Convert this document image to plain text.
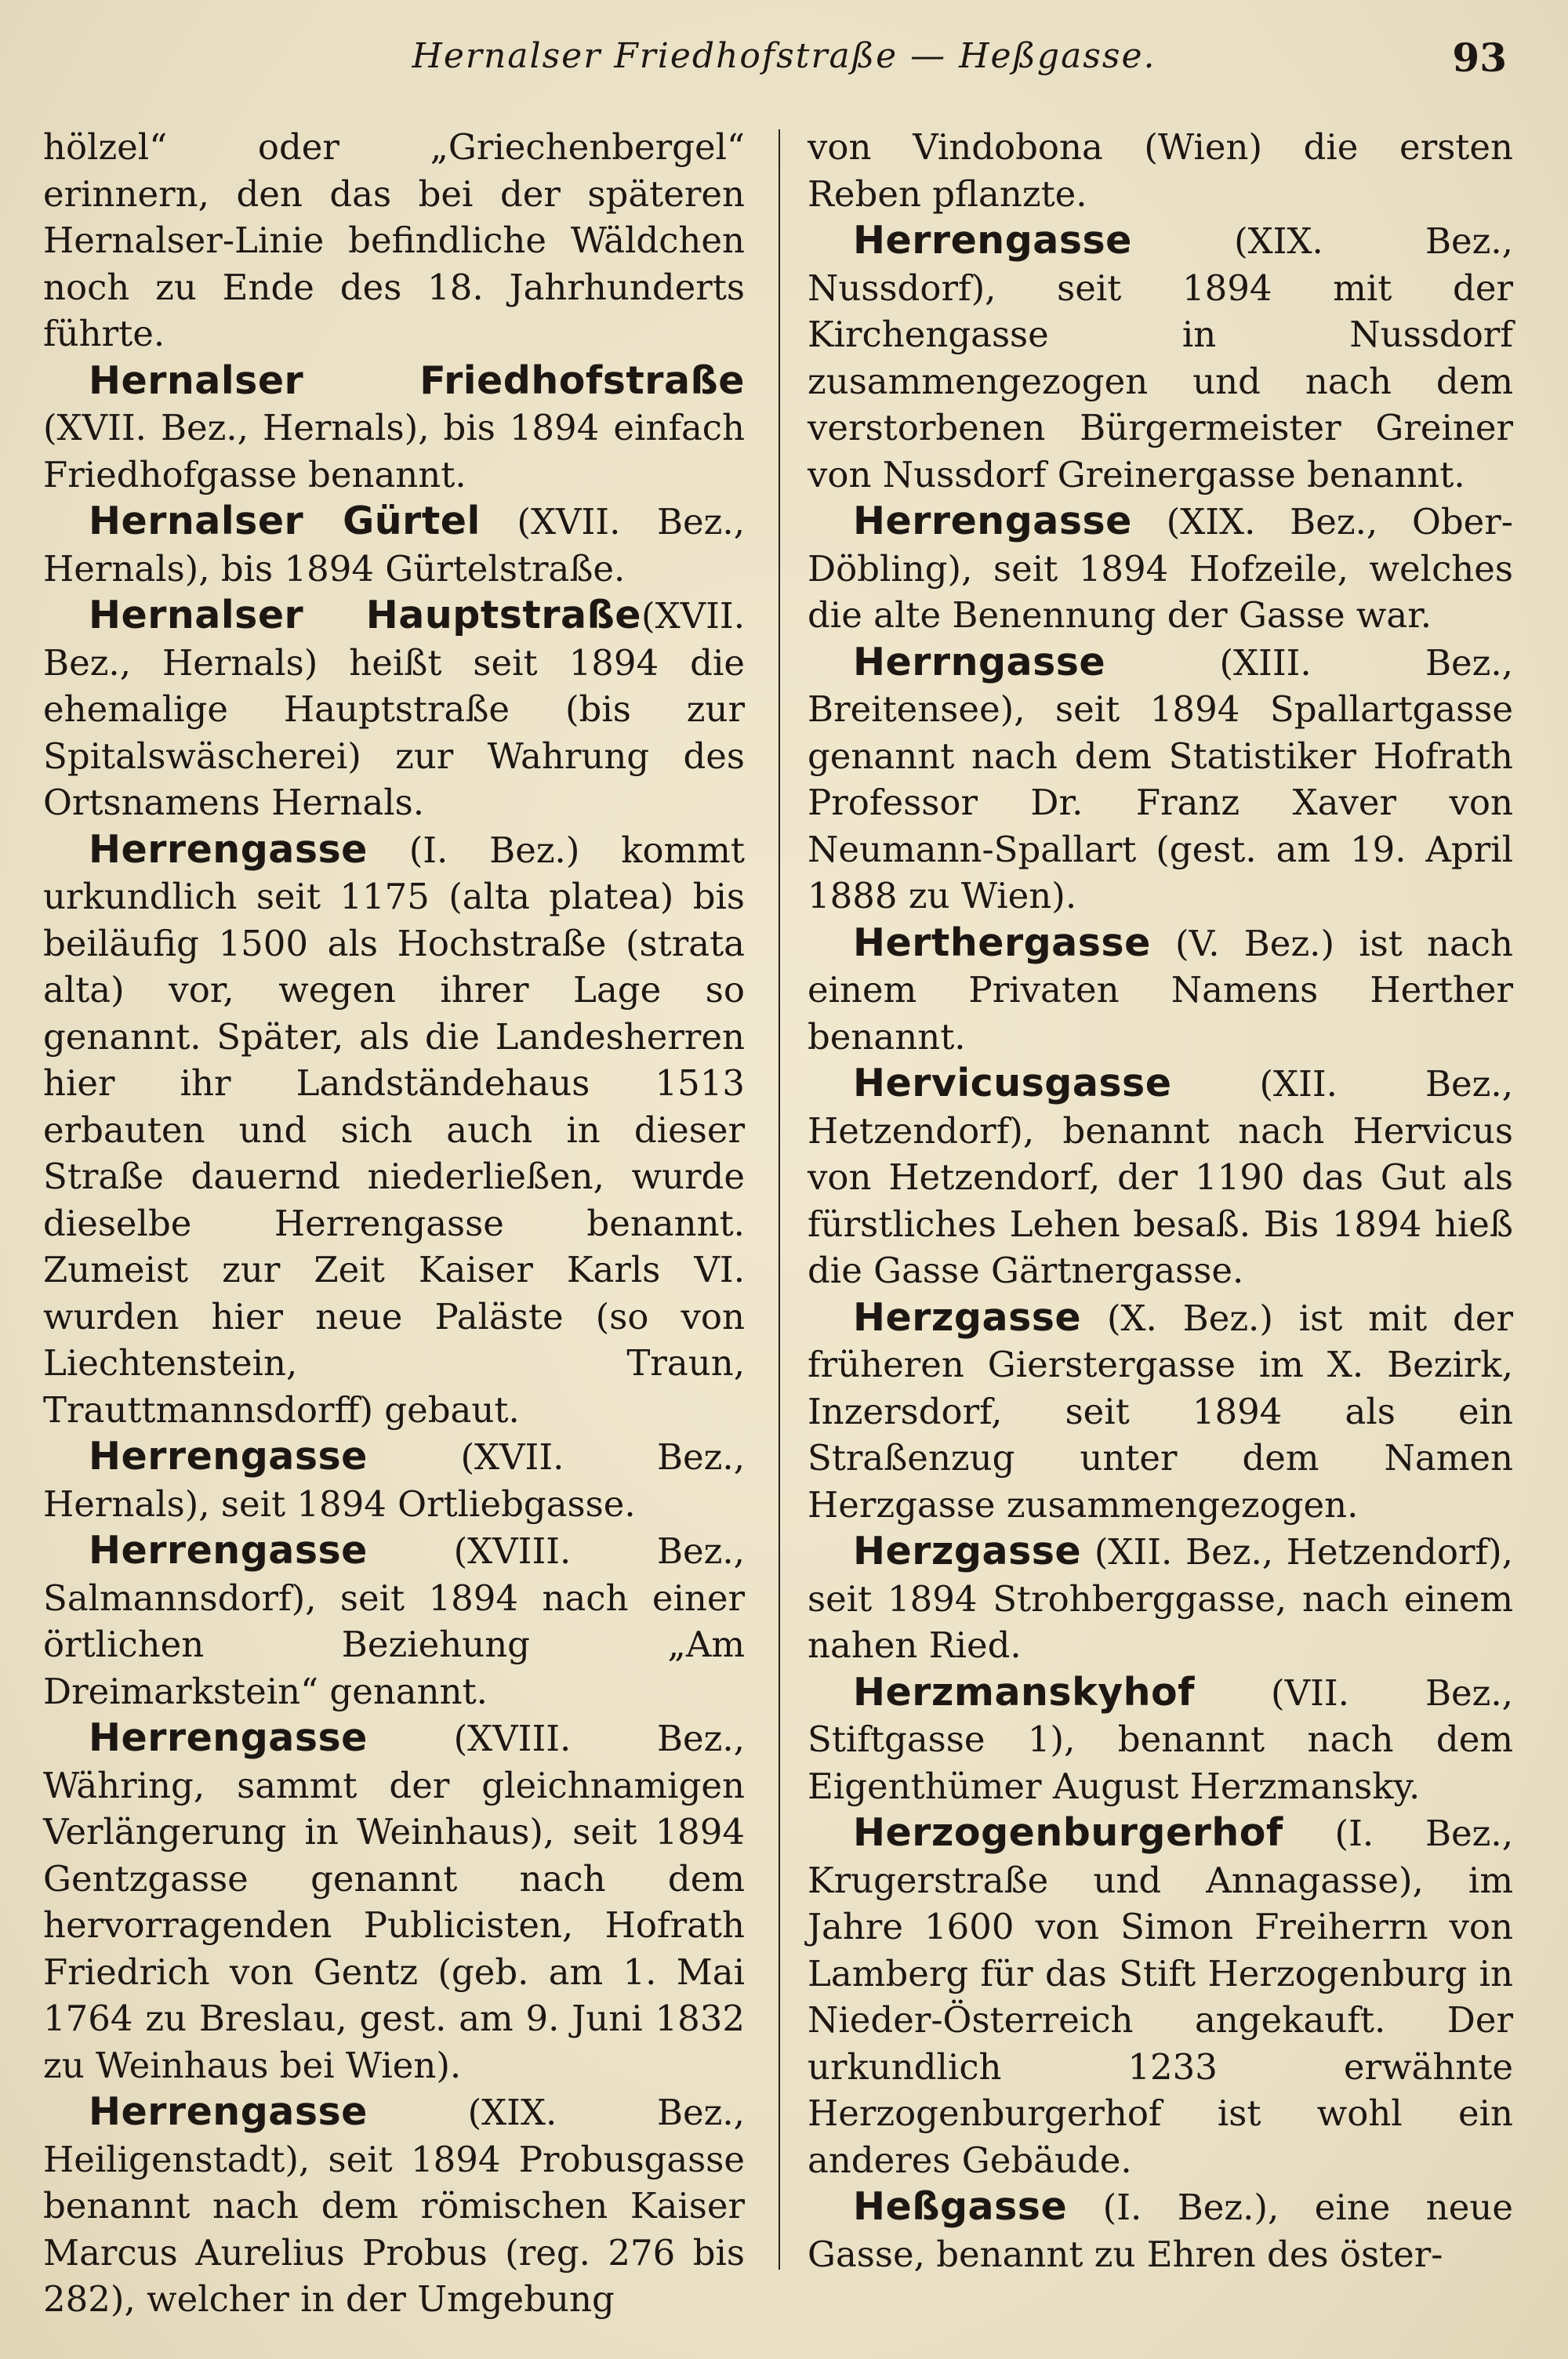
Hernalser Friedhofstraße — Heßgasse.	93

hölzel“ oder „Griechenbergel“ erinnern, den das bei der späteren Hernalser-Linie befindliche Wäldchen noch zu Ende des 18. Jahrhunderts führte.

Hernalser Friedhofstraße (XVII. Bez., Hernals), bis 1894 einfach Friedhofgasse benannt.

Hernalser Gürtel (XVII. Bez., Hernals), bis 1894 Gürtelstraße.

Hernalser Hauptstraße(XVII. Bez., Hernals) heißt seit 1894 die ehemalige Hauptstraße (bis zur Spitalswäscherei) zur Wahrung des Ortsnamens Hernals.

Herrengasse (I. Bez.) kommt urkundlich seit 1175 (alta platea) bis beiläufig 1500 als Hochstraße (strata alta) vor, wegen ihrer Lage so genannt. Später, als die Landesherren hier ihr Landständehaus 1513 erbauten und sich auch in dieser Straße dauernd niederließen, wurde dieselbe Herrengasse benannt. Zumeist zur Zeit Kaiser Karls VI. wurden hier neue Paläste (so von Liechtenstein, Traun, Trauttmannsdorff) gebaut.

Herrengasse (XVII. Bez., Hernals), seit 1894 Ortliebgasse.

Herrengasse (XVIII. Bez., Salmannsdorf), seit 1894 nach einer örtlichen Beziehung „Am Dreimarkstein“ genannt.

Herrengasse (XVIII. Bez., Währing, sammt der gleichnamigen Verlängerung in Weinhaus), seit 1894 Gentzgasse genannt nach dem hervorragenden Publicisten, Hofrath Friedrich von Gentz (geb. am 1. Mai 1764 zu Breslau, gest. am 9. Juni 1832 zu Weinhaus bei Wien).

Herrengasse (XIX. Bez., Heiligenstadt), seit 1894 Probusgasse benannt nach dem römischen Kaiser Marcus Aurelius Probus (reg. 276 bis 282), welcher in der Umgebung

von Vindobona (Wien) die ersten Reben pflanzte.

Herrengasse (XIX. Bez., Nussdorf), seit 1894 mit der Kirchengasse in Nussdorf zusammengezogen und nach dem verstorbenen Bürgermeister Greiner von Nussdorf Greinergasse benannt.

Herrengasse (XIX. Bez., Ober-Döbling), seit 1894 Hofzeile, welches die alte Benennung der Gasse war.

Herrngasse (XIII. Bez., Breitensee), seit 1894 Spallartgasse genannt nach dem Statistiker Hofrath Professor Dr. Franz Xaver von Neumann-Spallart (gest. am 19. April 1888 zu Wien).

Herthergasse (V. Bez.) ist nach einem Privaten Namens Herther benannt.

Hervicusgasse (XII. Bez., Hetzendorf), benannt nach Hervicus von Hetzendorf, der 1190 das Gut als fürstliches Lehen besaß. Bis 1894 hieß die Gasse Gärtnergasse.

Herzgasse (X. Bez.) ist mit der früheren Gierstergasse im X. Bezirk, Inzersdorf, seit 1894 als ein Straßenzug unter dem Namen Herzgasse zusammengezogen.

Herzgasse (XII. Bez., Hetzendorf), seit 1894 Strohberggasse, nach einem nahen Ried.

Herzmanskyhof (VII. Bez., Stiftgasse 1), benannt nach dem Eigenthümer August Herzmansky.

Herzogenburgerhof (I. Bez., Krugerstraße und Annagasse), im Jahre 1600 von Simon Freiherrn von Lamberg für das Stift Herzogenburg in Nieder-Österreich angekauft. Der urkundlich 1233 erwähnte Herzogenburgerhof ist wohl ein anderes Gebäude.

Heßgasse (I. Bez.), eine neue Gasse, benannt zu Ehren des öster-
